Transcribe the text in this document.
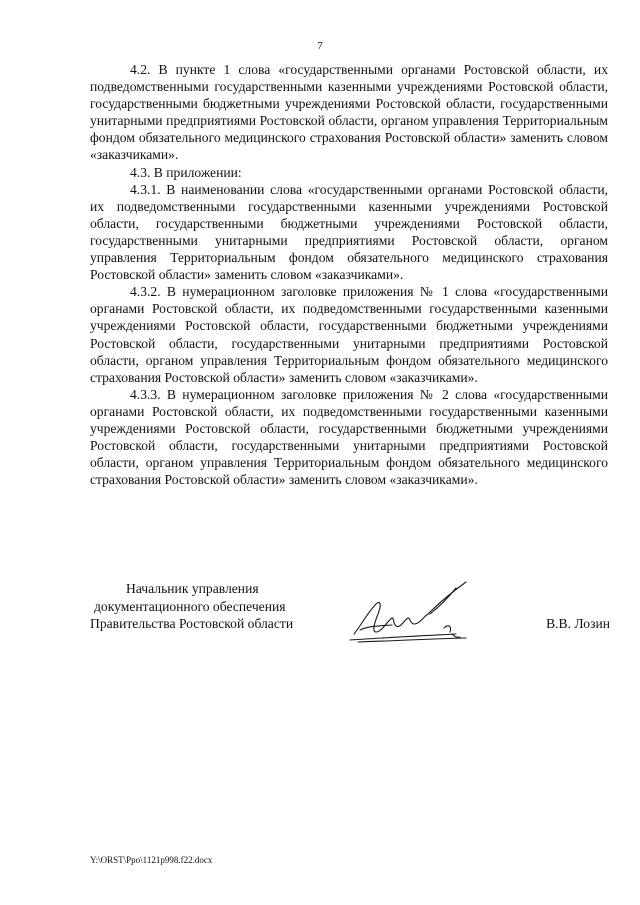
7

4.2. В пункте 1 слова «государственными органами Ростовской области, их подведомственными государственными казенными учреждениями Ростовской области, государственными бюджетными учреждениями Ростовской области, государственными унитарными предприятиями Ростовской области, органом управления Территориальным фондом обязательного медицинского страхования Ростовской области» заменить словом «заказчиками».

4.3. В приложении:

4.3.1. В наименовании слова «государственными органами Ростовской области, их подведомственными государственными казенными учреждениями Ростовской области, государственными бюджетными учреждениями Ростовской области, государственными унитарными предприятиями Ростовской области, органом управления Территориальным фондом обязательного медицинского страхования Ростовской области» заменить словом «заказчиками».

4.3.2. В нумерационном заголовке приложения № 1 слова «государственными органами Ростовской области, их подведомственными государственными казенными учреждениями Ростовской области, государственными бюджетными учреждениями Ростовской области, государственными унитарными предприятиями Ростовской области, органом управления Территориальным фондом обязательного медицинского страхования Ростовской области» заменить словом «заказчиками».

4.3.3. В нумерационном заголовке приложения № 2 слова «государственными органами Ростовской области, их подведомственными государственными казенными учреждениями Ростовской области, государственными бюджетными учреждениями Ростовской области, государственными унитарными предприятиями Ростовской области, органом управления Территориальным фондом обязательного медицинского страхования Ростовской области» заменить словом «заказчиками».

Начальник управления
документационного обеспечения
Правительства Ростовской области	В.В. Лозин
Y:\ORST\Ppo\1121p998.f22.docx
